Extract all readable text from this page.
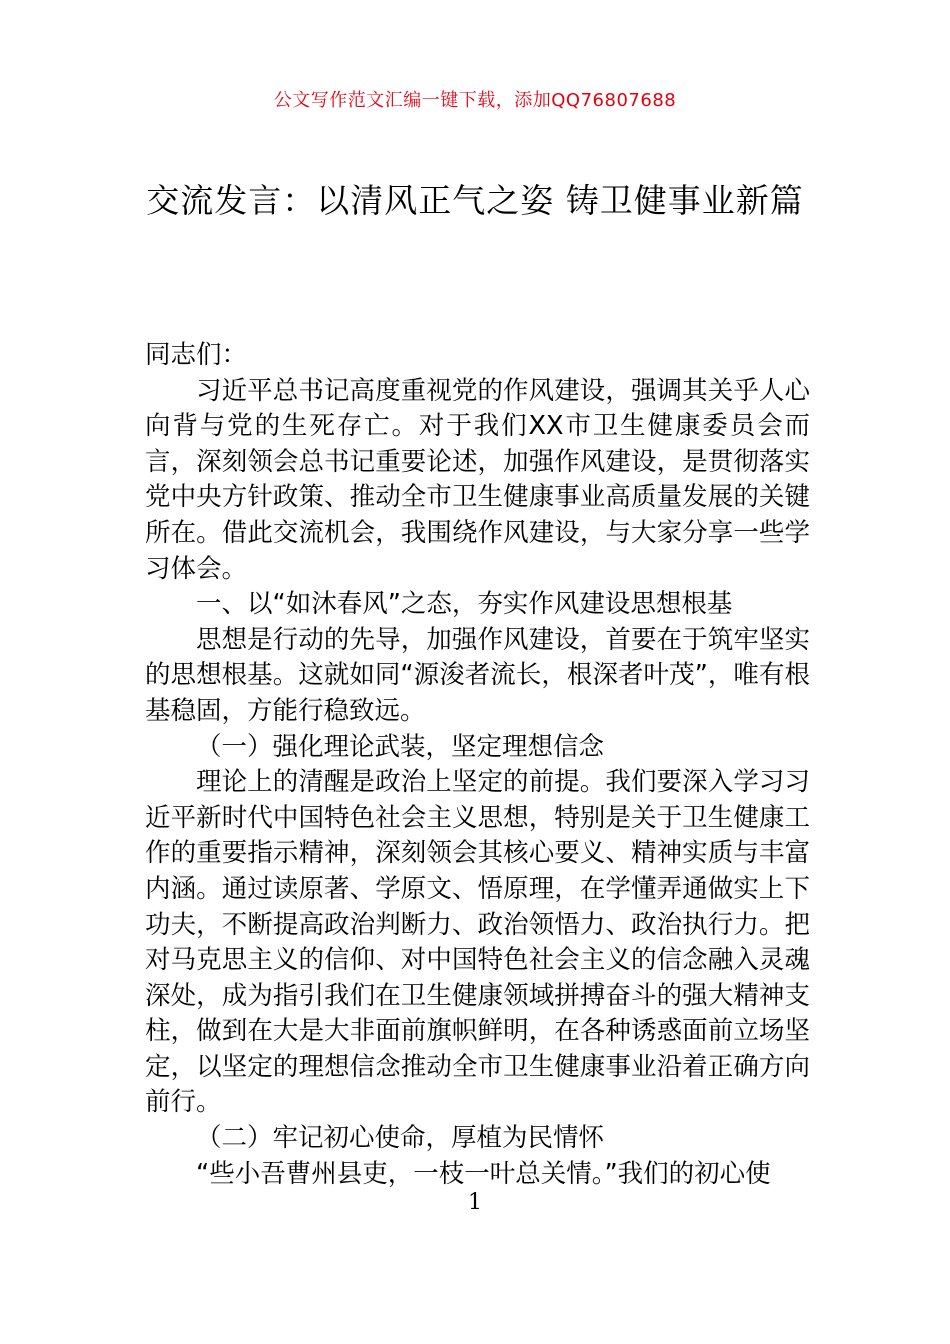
公文写作范文汇编一键下载，添加QQ76807688
交流发言：以清风正气之姿 铸卫健事业新篇

同志们：

习近平总书记高度重视党的作风建设，强调其关乎人心向背与党的生死存亡。对于我们XX市卫生健康委员会而言，深刻领会总书记重要论述，加强作风建设，是贯彻落实党中央方针政策、推动全市卫生健康事业高质量发展的关键所在。借此交流机会，我围绕作风建设，与大家分享一些学习体会。

一、以“如沐春风”之态，夯实作风建设思想根基

思想是行动的先导，加强作风建设，首要在于筑牢坚实的思想根基。这就如同“源浚者流长，根深者叶茂”，唯有根基稳固，方能行稳致远。

（一）强化理论武装，坚定理想信念

理论上的清醒是政治上坚定的前提。我们要深入学习习近平新时代中国特色社会主义思想，特别是关于卫生健康工作的重要指示精神，深刻领会其核心要义、精神实质与丰富内涵。通过读原著、学原文、悟原理，在学懂弄通做实上下功夫，不断提高政治判断力、政治领悟力、政治执行力。把对马克思主义的信仰、对中国特色社会主义的信念融入灵魂深处，成为指引我们在卫生健康领域拼搏奋斗的强大精神支柱，做到在大是大非面前旗帜鲜明，在各种诱惑面前立场坚定，以坚定的理想信念推动全市卫生健康事业沿着正确方向前行。

（二）牢记初心使命，厚植为民情怀

“些小吾曹州县吏，一枝一叶总关情。”我们的初心使

1
